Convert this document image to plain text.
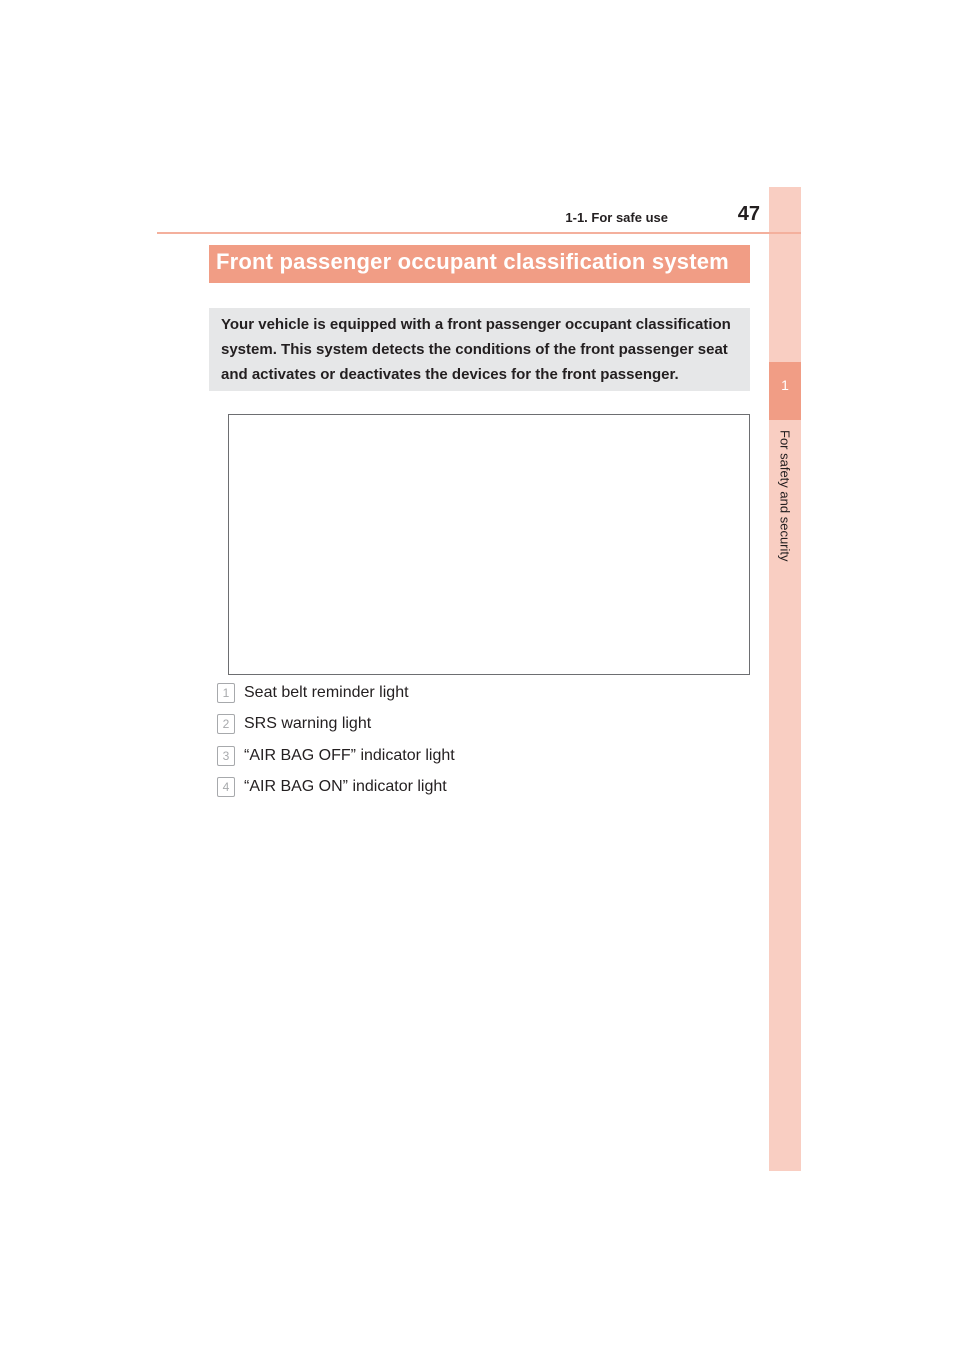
1
For safety and security
1-1. For safe use	47
Front passenger occupant classification system
Your vehicle is equipped with a front passenger occupant classification system. This system detects the conditions of the front passenger seat and activates or deactivates the devices for the front passenger.
1 Seat belt reminder light
2 SRS warning light
3 “AIR BAG OFF” indicator light
4 “AIR BAG ON” indicator light
